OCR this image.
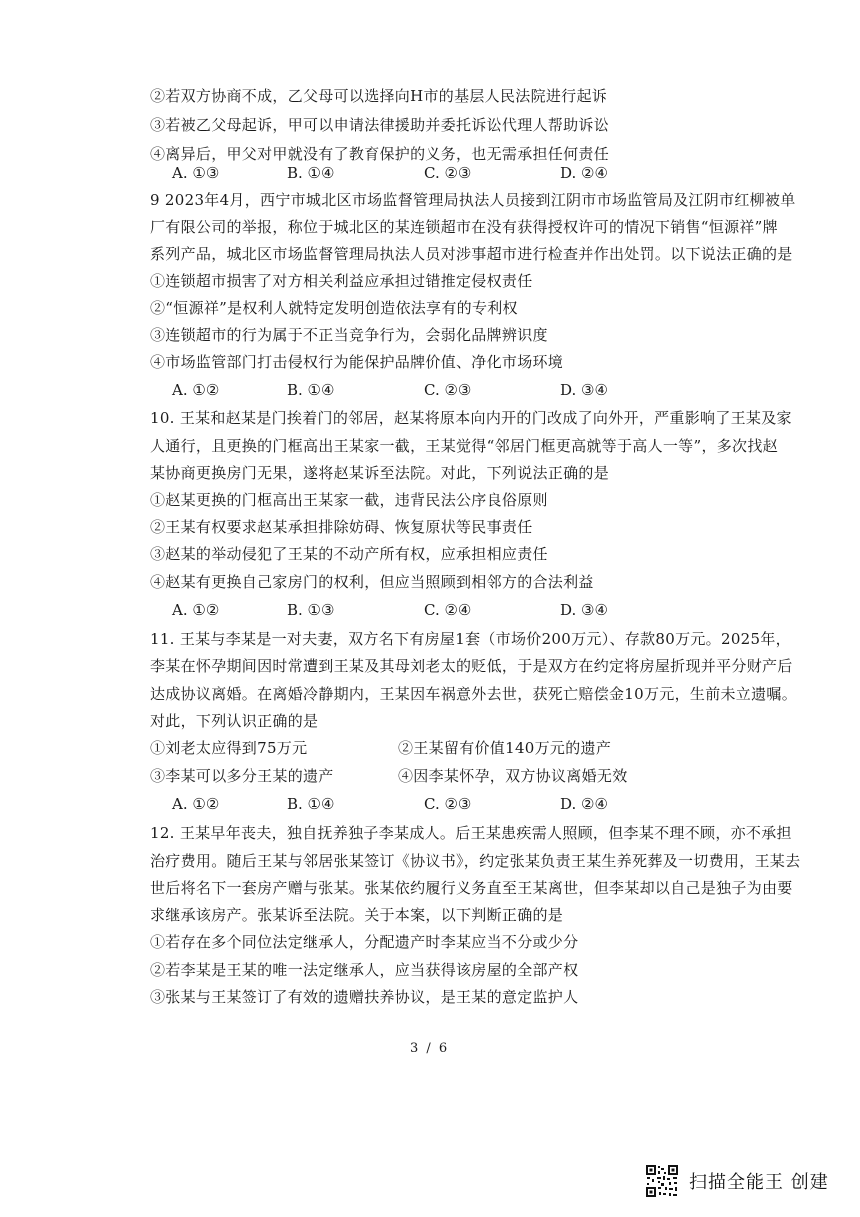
②若双方协商不成，乙父母可以选择向H市的基层人民法院进行起诉
③若被乙父母起诉，甲可以申请法律援助并委托诉讼代理人帮助诉讼
④离异后，甲父对甲就没有了教育保护的义务，也无需承担任何责任
A. ①③	B. ①④	C. ②③	D. ②④
9 2023年4月，西宁市城北区市场监督管理局执法人员接到江阴市市场监管局及江阴市红柳被单
厂有限公司的举报，称位于城北区的某连锁超市在没有获得授权许可的情况下销售“恒源祥”牌
系列产品，城北区市场监督管理局执法人员对涉事超市进行检查并作出处罚。以下说法正确的是
①连锁超市损害了对方相关利益应承担过错推定侵权责任
②“恒源祥”是权利人就特定发明创造依法享有的专利权
③连锁超市的行为属于不正当竞争行为，会弱化品牌辨识度
④市场监管部门打击侵权行为能保护品牌价值、净化市场环境
A. ①②	B. ①④	C. ②③	D. ③④
10. 王某和赵某是门挨着门的邻居，赵某将原本向内开的门改成了向外开，严重影响了王某及家
人通行，且更换的门框高出王某家一截，王某觉得“邻居门框更高就等于高人一等”，多次找赵
某协商更换房门无果，遂将赵某诉至法院。对此，下列说法正确的是
①赵某更换的门框高出王某家一截，违背民法公序良俗原则
②王某有权要求赵某承担排除妨碍、恢复原状等民事责任
③赵某的举动侵犯了王某的不动产所有权，应承担相应责任
④赵某有更换自己家房门的权利，但应当照顾到相邻方的合法利益
A. ①②	B. ①③	C. ②④	D. ③④
11. 王某与李某是一对夫妻，双方名下有房屋1套（市场价200万元）、存款80万元。2025年，
李某在怀孕期间因时常遭到王某及其母刘老太的贬低，于是双方在约定将房屋折现并平分财产后
达成协议离婚。在离婚冷静期内，王某因车祸意外去世，获死亡赔偿金10万元，生前未立遗嘱。
对此，下列认识正确的是
①刘老太应得到75万元	②王某留有价值140万元的遗产
③李某可以多分王某的遗产	④因李某怀孕，双方协议离婚无效
A. ①②	B. ①④	C. ②③	D. ②④
12. 王某早年丧夫，独自抚养独子李某成人。后王某患疾需人照顾，但李某不理不顾，亦不承担
治疗费用。随后王某与邻居张某签订《协议书》，约定张某负责王某生养死葬及一切费用，王某去
世后将名下一套房产赠与张某。张某依约履行义务直至王某离世，但李某却以自己是独子为由要
求继承该房产。张某诉至法院。关于本案，以下判断正确的是
①若存在多个同位法定继承人，分配遗产时李某应当不分或少分
②若李某是王某的唯一法定继承人，应当获得该房屋的全部产权
③张某与王某签订了有效的遗赠扶养协议，是王某的意定监护人
3 / 6
扫描全能王 创建
